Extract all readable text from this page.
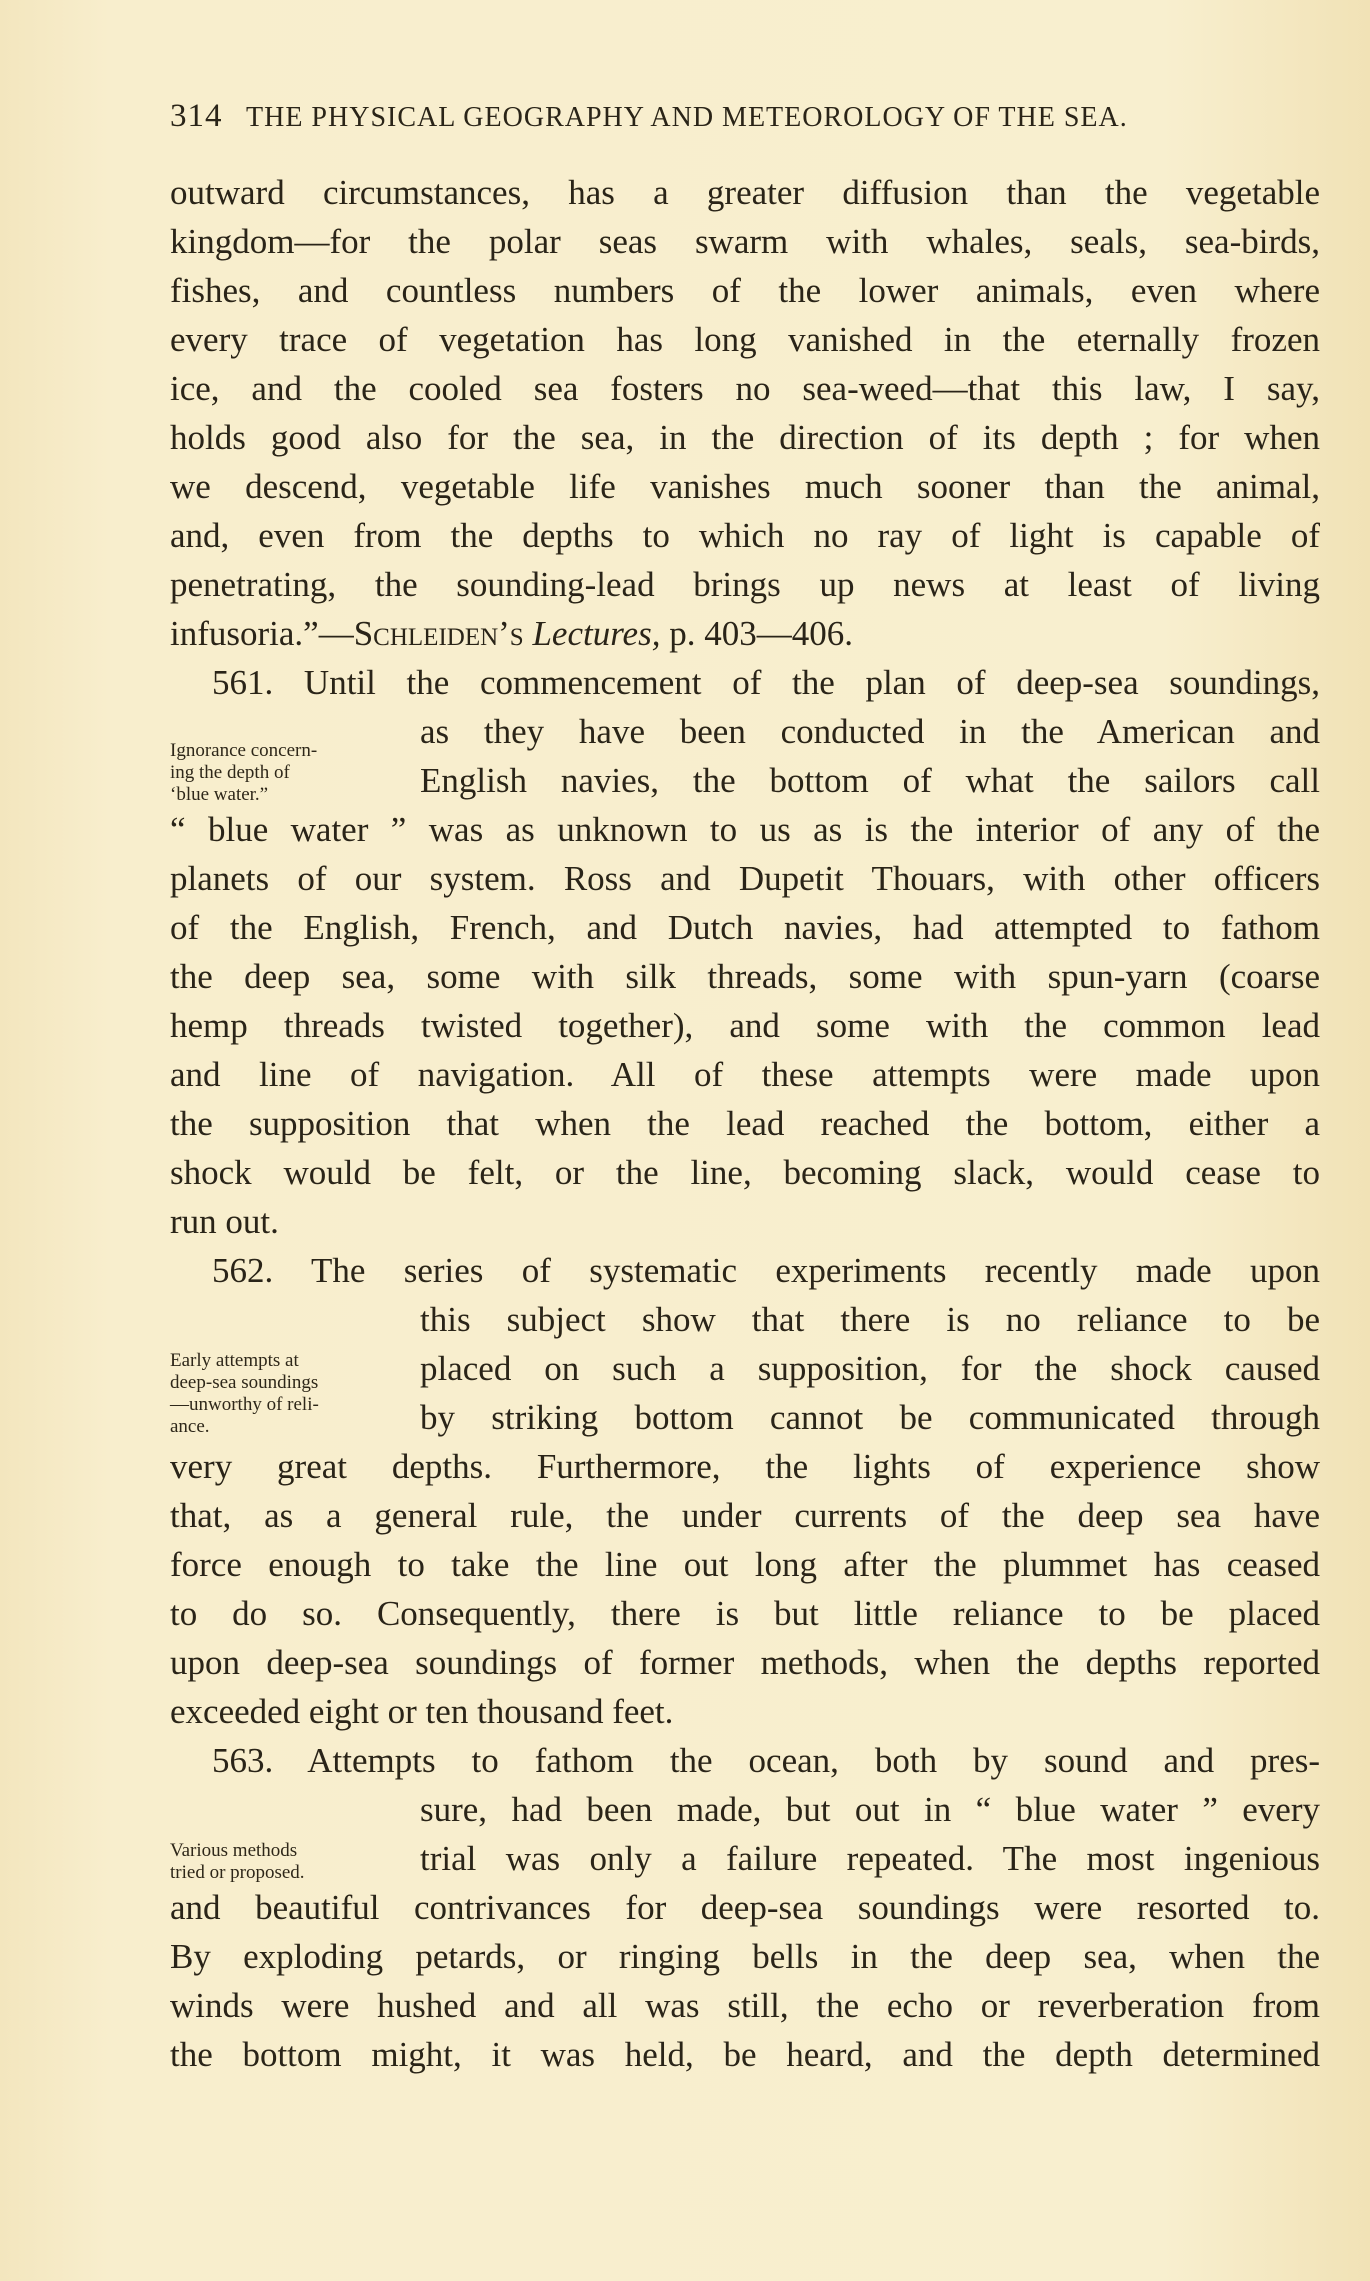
314 THE PHYSICAL GEOGRAPHY AND METEOROLOGY OF THE SEA.
outward circumstances, has a greater diffusion than the vegetable
kingdom—for the polar seas swarm with whales, seals, sea-birds,
fishes, and countless numbers of the lower animals, even where
every trace of vegetation has long vanished in the eternally frozen
ice, and the cooled sea fosters no sea-weed—that this law, I say,
holds good also for the sea, in the direction of its depth ; for when
we descend, vegetable life vanishes much sooner than the animal,
and, even from the depths to which no ray of light is capable of
penetrating, the sounding-lead brings up news at least of living
infusoria.”—Schleiden’s Lectures, p. 403—406.
561. Until the commencement of the plan of deep-sea soundings,
as they have been conducted in the American and
English navies, the bottom of what the sailors call
“ blue water ” was as unknown to us as is the interior of any of the
planets of our system. Ross and Dupetit Thouars, with other officers
of the English, French, and Dutch navies, had attempted to fathom
the deep sea, some with silk threads, some with spun-yarn (coarse
hemp threads twisted together), and some with the common lead
and line of navigation. All of these attempts were made upon
the supposition that when the lead reached the bottom, either a
shock would be felt, or the line, becoming slack, would cease to
run out.
562. The series of systematic experiments recently made upon
this subject show that there is no reliance to be
placed on such a supposition, for the shock caused
by striking bottom cannot be communicated through
very great depths. Furthermore, the lights of experience show
that, as a general rule, the under currents of the deep sea have
force enough to take the line out long after the plummet has ceased
to do so. Consequently, there is but little reliance to be placed
upon deep-sea soundings of former methods, when the depths reported
exceeded eight or ten thousand feet.
563. Attempts to fathom the ocean, both by sound and pres-
sure, had been made, but out in “ blue water ” every
trial was only a failure repeated. The most ingenious
and beautiful contrivances for deep-sea soundings were resorted to.
By exploding petards, or ringing bells in the deep sea, when the
winds were hushed and all was still, the echo or reverberation from
the bottom might, it was held, be heard, and the depth determined
Ignorance concern-
ing the depth of
‘blue water.”
Early attempts at
deep-sea soundings
—unworthy of reli-
ance.
Various methods
tried or proposed.
